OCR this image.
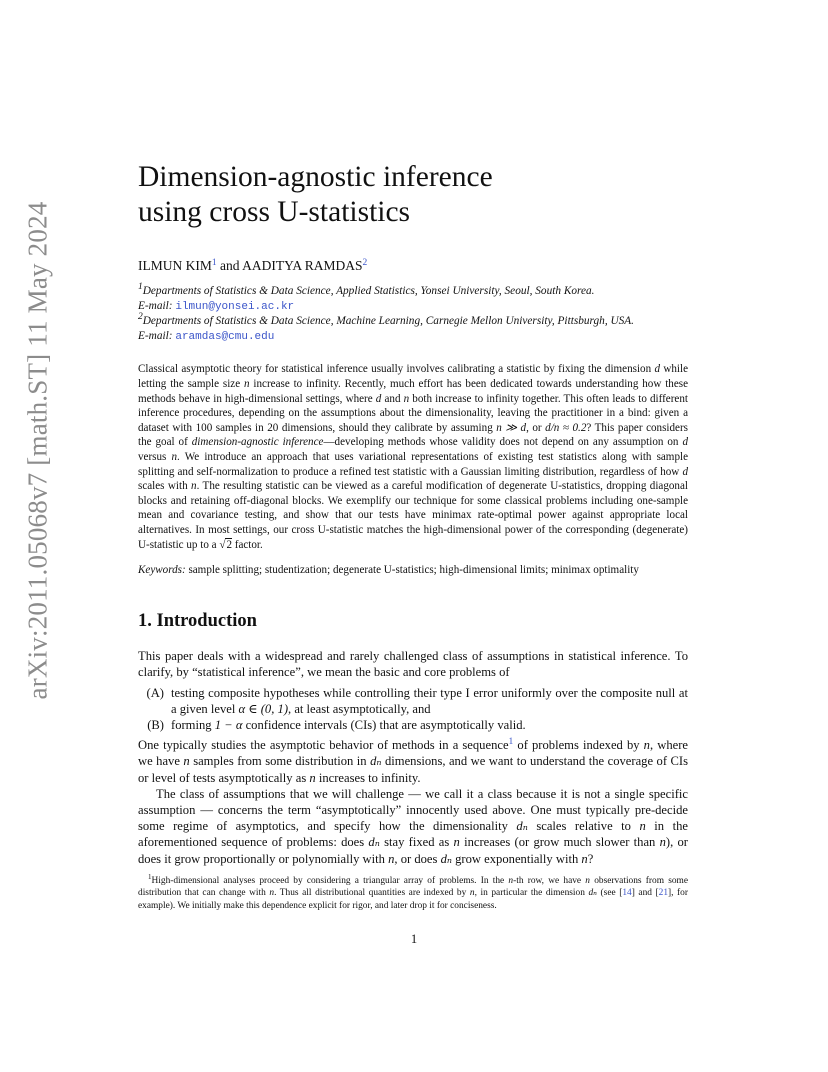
arXiv:2011.05068v7 [math.ST] 11 May 2024
Dimension-agnostic inference
using cross U-statistics
ILMUN KIM$^1$ and AADITYA RAMDAS$^2$
$^1$Departments of Statistics & Data Science, Applied Statistics, Yonsei University, Seoul, South Korea.
E-mail: ilmun@yonsei.ac.kr
$^2$Departments of Statistics & Data Science, Machine Learning, Carnegie Mellon University, Pittsburgh, USA.
E-mail: aramdas@cmu.edu
Classical asymptotic theory for statistical inference usually involves calibrating a statistic by fixing the dimension d while letting the sample size n increase to infinity. Recently, much effort has been dedicated towards understanding how these methods behave in high-dimensional settings, where d and n both increase to infinity together. This often leads to different inference procedures, depending on the assumptions about the dimensionality, leaving the practitioner in a bind: given a dataset with 100 samples in 20 dimensions, should they calibrate by assuming n ≫ d, or d/n ≈ 0.2? This paper considers the goal of dimension-agnostic inference—developing methods whose validity does not depend on any assumption on d versus n. We introduce an approach that uses variational representations of existing test statistics along with sample splitting and self-normalization to produce a refined test statistic with a Gaussian limiting distribution, regardless of how d scales with n. The resulting statistic can be viewed as a careful modification of degenerate U-statistics, dropping diagonal blocks and retaining off-diagonal blocks. We exemplify our technique for some classical problems including one-sample mean and covariance testing, and show that our tests have minimax rate-optimal power against appropriate local alternatives. In most settings, our cross U-statistic matches the high-dimensional power of the corresponding (degenerate) U-statistic up to a √2 factor.
Keywords: sample splitting; studentization; degenerate U-statistics; high-dimensional limits; minimax optimality
1. Introduction
This paper deals with a widespread and rarely challenged class of assumptions in statistical inference. To clarify, by “statistical inference”, we mean the basic and core problems of
(A) testing composite hypotheses while controlling their type I error uniformly over the composite null at a given level α ∈ (0, 1), at least asymptotically, and
(B) forming 1 − α confidence intervals (CIs) that are asymptotically valid.
One typically studies the asymptotic behavior of methods in a sequence$^1$ of problems indexed by n, where we have n samples from some distribution in dₙ dimensions, and we want to understand the coverage of CIs or level of tests asymptotically as n increases to infinity.
The class of assumptions that we will challenge — we call it a class because it is not a single specific assumption — concerns the term “asymptotically” innocently used above. One must typically pre-decide some regime of asymptotics, and specify how the dimensionality dₙ scales relative to n in the aforementioned sequence of problems: does dₙ stay fixed as n increases (or grow much slower than n), or does it grow proportionally or polynomially with n, or does dₙ grow exponentially with n?
$^1$High-dimensional analyses proceed by considering a triangular array of problems. In the n-th row, we have n observations from some distribution that can change with n. Thus all distributional quantities are indexed by n, in particular the dimension dₙ (see [14] and [21], for example). We initially make this dependence explicit for rigor, and later drop it for conciseness.
1
